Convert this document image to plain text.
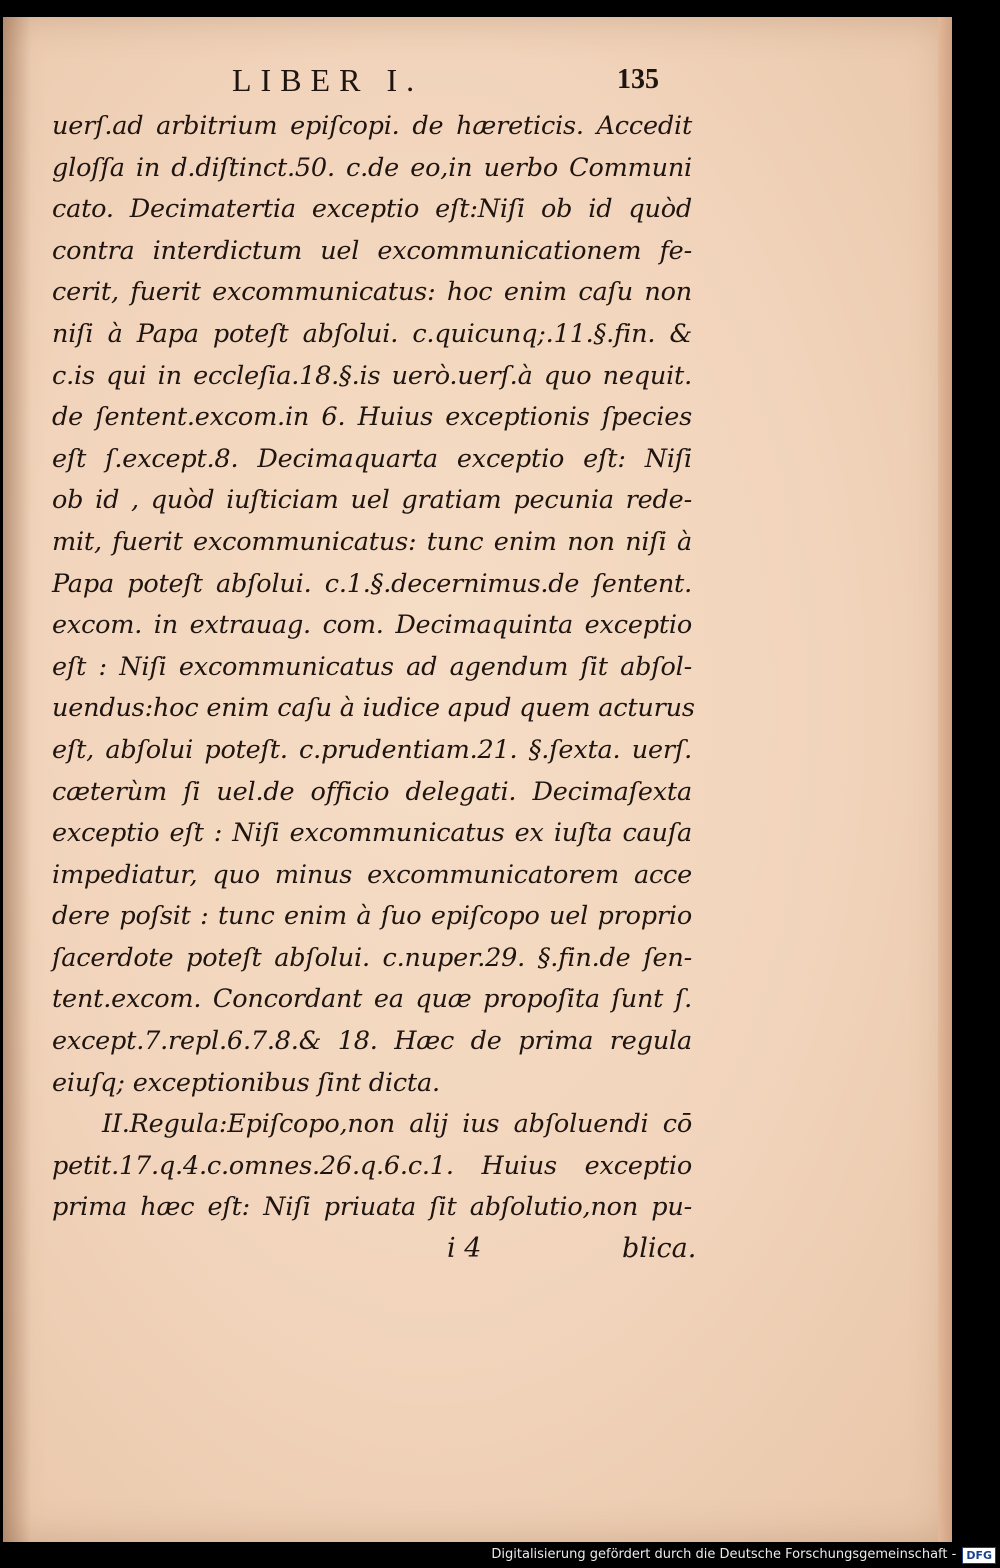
LIBER I.	135
uerſ.ad arbitrium epiſcopi. de hæreticis. Accedit
gloſſa in d.diſtinct.50. c.de eo,in uerbo Communi
cato. Decimatertia exceptio eſt:Niſi ob id quòd
contra interdictum uel excommunicationem fe-
cerit, fuerit excommunicatus: hoc enim caſu non
niſi à Papa poteſt abſolui. c.quicunq;.11.§.fin. &
c.is qui in eccleſia.18.§.is uerò.uerſ.à quo nequit.
de ſentent.excom.in 6. Huius exceptionis ſpecies
eſt ſ.except.8. Decimaquarta exceptio eſt: Niſi
ob id , quòd iuſticiam uel gratiam pecunia rede-
mit, fuerit excommunicatus: tunc enim non niſi à
Papa poteſt abſolui. c.1.§.decernimus.de ſentent.
excom. in extrauag. com. Decimaquinta exceptio
eſt : Niſi excommunicatus ad agendum ſit abſol-
uendus:hoc enim caſu à iudice apud quem acturus
eſt, abſolui poteſt. c.prudentiam.21. §.ſexta. uerſ.
cæterùm ſi uel.de officio delegati. Decimaſexta
exceptio eſt : Niſi excommunicatus ex iuſta cauſa
impediatur, quo minus excommunicatorem acce
dere poſsit : tunc enim à ſuo epiſcopo uel proprio
ſacerdote poteſt abſolui. c.nuper.29. §.fin.de ſen-
tent.excom. Concordant ea quæ propoſita ſunt ſ.
except.7.repl.6.7.8.& 18. Hæc de prima regula
eiuſq; exceptionibus ſint dicta.
II.Regula:Epiſcopo,non alij ius abſoluendi cō
petit.17.q.4.c.omnes.26.q.6.c.1. Huius exceptio
prima hæc eſt: Niſi priuata ſit abſolutio,non pu-
i 4	blica.
Digitalisierung gefördert durch die Deutsche Forschungsgemeinschaft - DFG
